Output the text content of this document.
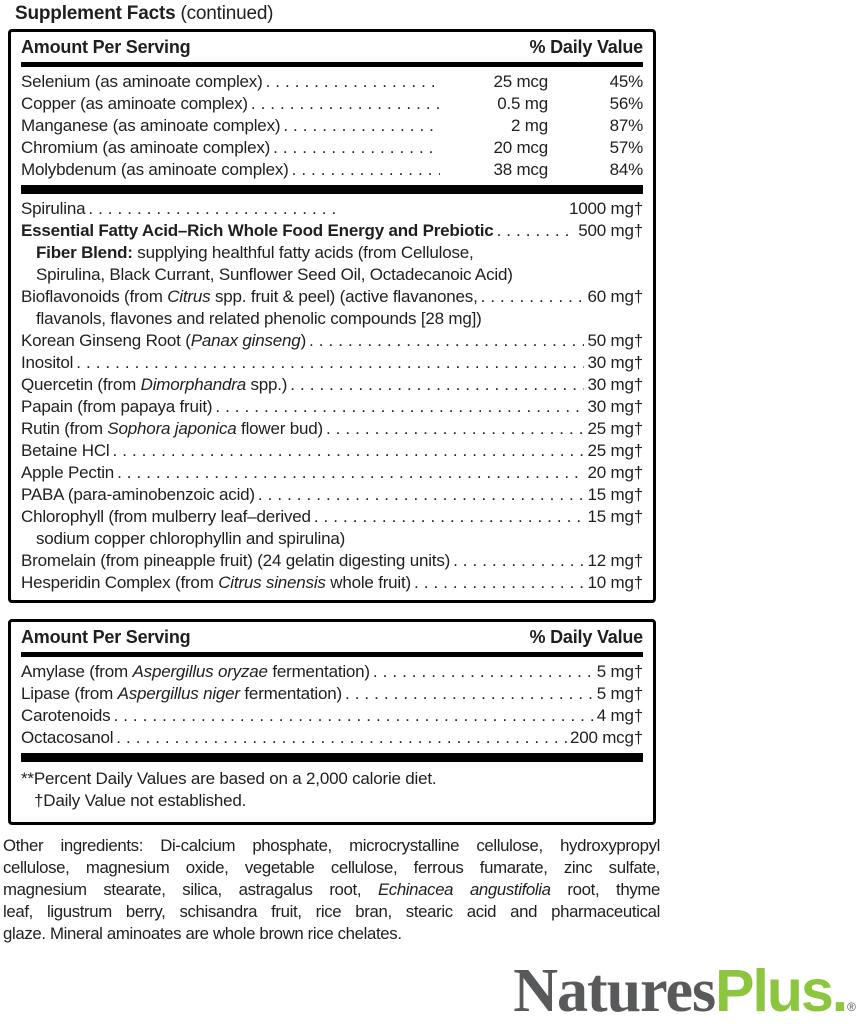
Supplement Facts (continued)
Amount Per Serving	% Daily Value
Selenium (as aminoate complex) .....	25 mcg	45%
Copper (as aminoate complex) .....	0.5 mg	56%
Manganese (as aminoate complex) .....	2 mg	87%
Chromium (as aminoate complex) .....	20 mcg	57%
Molybdenum (as aminoate complex) .....	38 mcg	84%
Spirulina .....	1000 mg†
Essential Fatty Acid–Rich Whole Food Energy and Prebiotic .....	500 mg†
Fiber Blend: supplying healthful fatty acids (from Cellulose,
Spirulina, Black Currant, Sunflower Seed Oil, Octadecanoic Acid)
Bioflavonoids (from Citrus spp. fruit & peel) (active flavanones, .....	60 mg†
flavanols, flavones and related phenolic compounds [28 mg])
Korean Ginseng Root (Panax ginseng) .....	50 mg†
Inositol .....	30 mg†
Quercetin (from Dimorphandra spp.) .....	30 mg†
Papain (from papaya fruit) .....	30 mg†
Rutin (from Sophora japonica flower bud) .....	25 mg†
Betaine HCl .....	25 mg†
Apple Pectin .....	20 mg†
PABA (para-aminobenzoic acid) .....	15 mg†
Chlorophyll (from mulberry leaf–derived .....	15 mg†
sodium copper chlorophyllin and spirulina)
Bromelain (from pineapple fruit) (24 gelatin digesting units) .....	12 mg†
Hesperidin Complex (from Citrus sinensis whole fruit) .....	10 mg†
Amount Per Serving	% Daily Value
Amylase (from Aspergillus oryzae fermentation) .....	5 mg†
Lipase (from Aspergillus niger fermentation) .....	5 mg†
Carotenoids .....	4 mg†
Octacosanol .....	200 mcg†
**Percent Daily Values are based on a 2,000 calorie diet.
†Daily Value not established.
Other ingredients: Di-calcium phosphate, microcrystalline cellulose, hydroxypropyl
cellulose, magnesium oxide, vegetable cellulose, ferrous fumarate, zinc sulfate,
magnesium stearate, silica, astragalus root, Echinacea angustifolia root, thyme
leaf, ligustrum berry, schisandra fruit, rice bran, stearic acid and pharmaceutical
glaze. Mineral aminoates are whole brown rice chelates.
NaturesPlus.®
